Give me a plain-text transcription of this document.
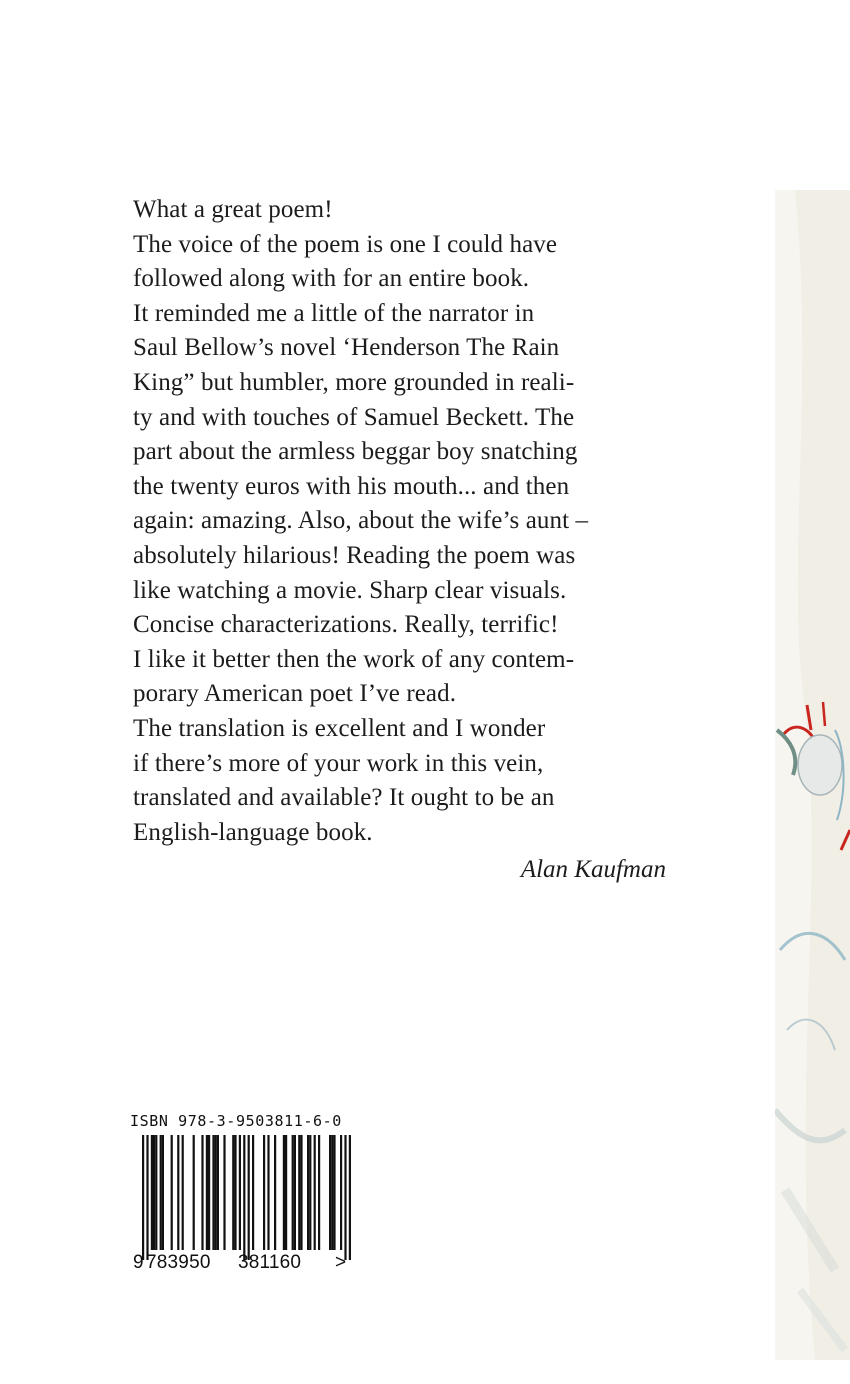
What a great poem!
The voice of the poem is one I could have
followed along with for an entire book.
It reminded me a little of the narrator in
Saul Bellow’s novel ‘Henderson The Rain
King” but humbler, more grounded in reali-
ty and with touches of Samuel Beckett. The
part about the armless beggar boy snatching
the twenty euros with his mouth... and then
again: amazing. Also, about the wife’s aunt –
absolutely hilarious! Reading the poem was
like watching a movie. Sharp clear visuals.
Concise characterizations. Really, terrific!
I like it better then the work of any contem-
porary American poet I’ve read.
The translation is excellent and I wonder
if there’s more of your work in this vein,
translated and available? It ought to be an
English-language book.
Alan Kaufman
ISBN 978-3-9503811-6-0

9

783950

381160

>
